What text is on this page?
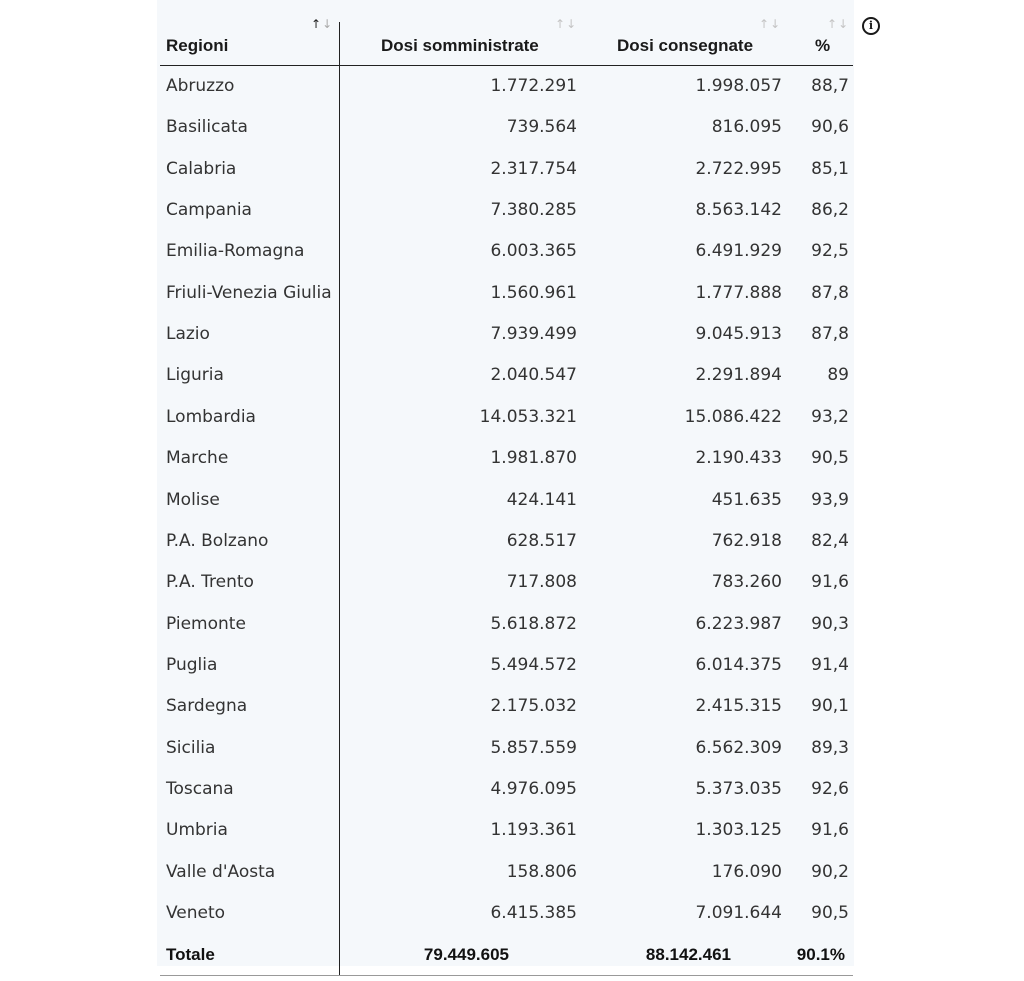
↑↓	↑↓	↑↓	↑↓	i
Regioni	Dosi somministrate	Dosi consegnate	%
Abruzzo	1.772.291	1.998.057 88,7
Basilicata	739.564	816.095 90,6
Calabria	2.317.754	2.722.995 85,1
Campania	7.380.285	8.563.142 86,2
Emilia-Romagna	6.003.365	6.491.929 92,5
Friuli-Venezia Giulia	1.560.961	1.777.888 87,8
Lazio	7.939.499	9.045.913 87,8
Liguria	2.040.547	2.291.894	89
Lombardia	14.053.321	15.086.422 93,2
Marche	1.981.870	2.190.433 90,5
Molise	424.141	451.635 93,9
P.A. Bolzano	628.517	762.918 82,4
P.A. Trento	717.808	783.260 91,6
Piemonte	5.618.872	6.223.987 90,3
Puglia	5.494.572	6.014.375 91,4
Sardegna	2.175.032	2.415.315 90,1
Sicilia	5.857.559	6.562.309 89,3
Toscana	4.976.095	5.373.035 92,6
Umbria	1.193.361	1.303.125 91,6
Valle d'Aosta	158.806	176.090 90,2
Veneto	6.415.385	7.091.644 90,5
Totale	79.449.605	88.142.461	90.1%
